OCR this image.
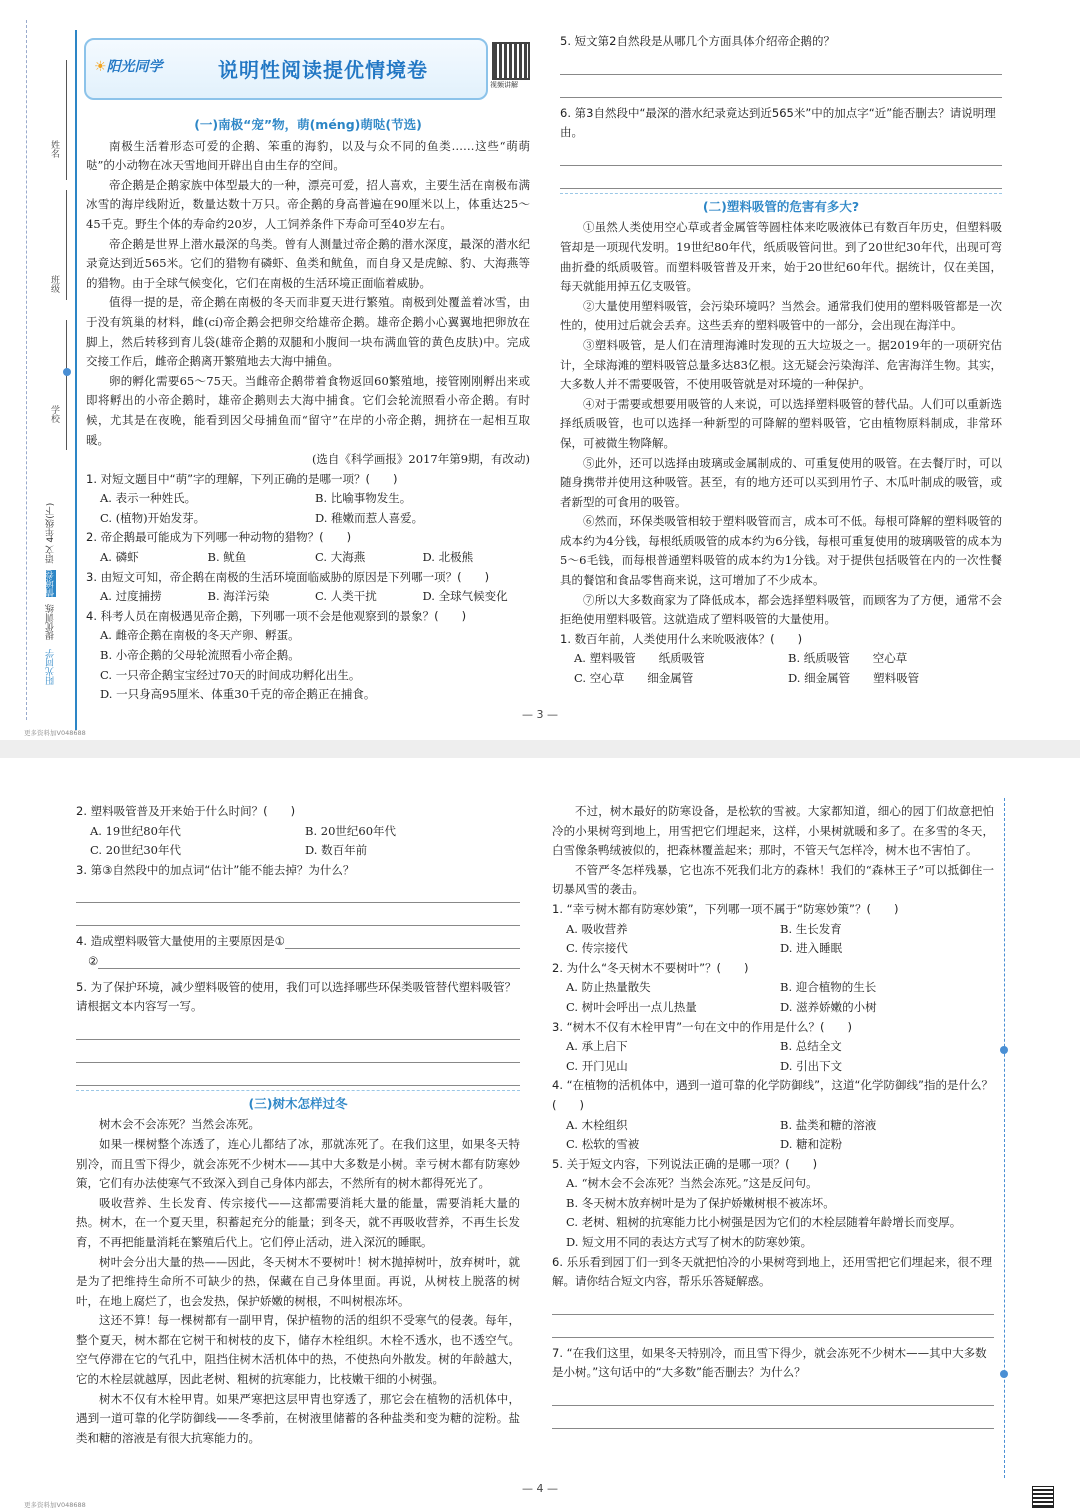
姓名
班级
学校
阳光同学 提优训练 情境卷 语文 4年级(下)
☀阳光同学	说明性阅读提优情境卷
视频讲解
(一)南极“宠”物，萌(méng)萌哒(节选)

南极生活着形态可爱的企鹅、笨重的海豹，以及与众不同的鱼类……这些“萌萌哒”的小动物在冰天雪地间开辟出自由生存的空间。

帝企鹅是企鹅家族中体型最大的一种，漂亮可爱，招人喜欢，主要生活在南极布满冰雪的海岸线附近，数量达数十万只。帝企鹅的身高普遍在90厘米以上，体重达25～45千克。野生个体的寿命约20岁，人工饲养条件下寿命可至40岁左右。

帝企鹅是世界上潜水最深的鸟类。曾有人测量过帝企鹅的潜水深度，最深的潜水纪录竟达到近565米。它们的猎物有磷虾、鱼类和鱿鱼，而自身又是虎鲸、豹、大海燕等的猎物。由于全球气候变化，它们在南极的生活环境正面临着威胁。

值得一提的是，帝企鹅在南极的冬天而非夏天进行繁殖。南极到处覆盖着冰雪，由于没有筑巢的材料，雌(cí)帝企鹅会把卵交给雄帝企鹅。雄帝企鹅小心翼翼地把卵放在脚上，然后转移到育儿袋(雄帝企鹅的双腿和小腹间一块布满血管的黄色皮肤)中。完成交接工作后，雌帝企鹅离开繁殖地去大海中捕鱼。

卵的孵化需要65～75天。当雌帝企鹅带着食物返回60繁殖地，接管刚刚孵出来或即将孵出的小帝企鹅时，雄帝企鹅则去大海中捕食。它们会轮流照看小帝企鹅。有时候，尤其是在夜晚，能看到因父母捕鱼而“留守”在岸的小帝企鹅，拥挤在一起相互取暖。

(选自《科学画报》2017年第9期，有改动)

1. 对短文题目中“萌”字的理解，下列正确的是哪一项？(　　)

A. 表示一种姓氏。	B. 比喻事物发生。
C. (植物)开始发芽。	D. 稚嫩而惹人喜爱。

2. 帝企鹅最可能成为下列哪一种动物的猎物？(　　)

A. 磷虾	B. 鱿鱼	C. 大海燕	D. 北极熊

3. 由短文可知，帝企鹅在南极的生活环境面临威胁的原因是下列哪一项？(　　)

A. 过度捕捞	B. 海洋污染	C. 人类干扰	D. 全球气候变化

4. 科考人员在南极遇见帝企鹅，下列哪一项不会是他观察到的景象？(　　)

A. 雌帝企鹅在南极的冬天产卵、孵蛋。
B. 小帝企鹅的父母轮流照看小帝企鹅。
C. 一只帝企鹅宝宝经过70天的时间成功孵化出生。
D. 一只身高95厘米、体重30千克的帝企鹅正在捕食。

5. 短文第2自然段是从哪几个方面具体介绍帝企鹅的？

6. 第3自然段中“最深的潜水纪录竟达到近565米”中的加点字“近”能否删去？请说明理由。

(二)塑料吸管的危害有多大?

①虽然人类使用空心草或者金属管等圆柱体来吃吸液体已有数百年历史，但塑料吸管却是一项现代发明。19世纪80年代，纸质吸管问世。到了20世纪30年代，出现可弯曲折叠的纸质吸管。而塑料吸管普及开来，始于20世纪60年代。据统计，仅在美国，每天就能用掉五亿支吸管。

②大量使用塑料吸管，会污染环境吗？当然会。通常我们使用的塑料吸管都是一次性的，使用过后就会丢弃。这些丢弃的塑料吸管中的一部分，会出现在海洋中。

③塑料吸管，是人们在清理海滩时发现的五大垃圾之一。据2019年的一项研究估计，全球海滩的塑料吸管总量多达83亿根。这无疑会污染海洋、危害海洋生物。其实，大多数人并不需要吸管，不使用吸管就是对环境的一种保护。

④对于需要或想要用吸管的人来说，可以选择塑料吸管的替代品。人们可以重新选择纸质吸管，也可以选择一种新型的可降解的塑料吸管，它由植物原料制成，非常环保，可被微生物降解。

⑤此外，还可以选择由玻璃或金属制成的、可重复使用的吸管。在去餐厅时，可以随身携带并使用这种吸管。甚至，有的地方还可以买到用竹子、木瓜叶制成的吸管，或者新型的可食用的吸管。

⑥然而，环保类吸管相较于塑料吸管而言，成本可不低。每根可降解的塑料吸管的成本约为4分钱，每根纸质吸管的成本约为6分钱，每根可重复使用的玻璃吸管的成本为5～6毛钱，而每根普通塑料吸管的成本约为1分钱。对于提供包括吸管在内的一次性餐具的餐馆和食品零售商来说，这可增加了不少成本。

⑦所以大多数商家为了降低成本，都会选择塑料吸管，而顾客为了方便，通常不会拒绝使用塑料吸管。这就造成了塑料吸管的大量使用。

1. 数百年前，人类使用什么来吮吸液体？(　　)

A. 塑料吸管　　纸质吸管	B. 纸质吸管　　空心草
C. 空心草　　细金属管	D. 细金属管　　塑料吸管
— 3 —
更多资料加V048688

2. 塑料吸管普及开来始于什么时间？(　　)

A. 19世纪80年代	B. 20世纪60年代
C. 20世纪30年代	D. 数百年前

3. 第③自然段中的加点词“估计”能不能去掉？为什么？

4. 造成塑料吸管大量使用的主要原因是①
②

5. 为了保护环境，减少塑料吸管的使用，我们可以选择哪些环保类吸管替代塑料吸管？请根据文本内容写一写。

(三)树木怎样过冬

树木会不会冻死？当然会冻死。

如果一棵树整个冻透了，连心儿都结了冰，那就冻死了。在我们这里，如果冬天特别冷，而且雪下得少，就会冻死不少树木——其中大多数是小树。幸亏树木都有防寒妙策，它们有办法使寒气不致深入到自己身体内部去，不然所有的树木都得死光了。

吸收营养、生长发育、传宗接代——这都需要消耗大量的能量，需要消耗大量的热。树木，在一个夏天里，积蓄起充分的能量；到冬天，就不再吸收营养，不再生长发育，不再把能量消耗在繁殖后代上。它们停止活动，进入深沉的睡眠。

树叶会分出大量的热——因此，冬天树木不要树叶！树木抛掉树叶，放弃树叶，就是为了把维持生命所不可缺少的热，保藏在自己身体里面。再说，从树枝上脱落的树叶，在地上腐烂了，也会发热，保护娇嫩的树根，不叫树根冻坏。

这还不算！每一棵树都有一副甲胄，保护植物的活的组织不受寒气的侵袭。每年，整个夏天，树木都在它树干和树枝的皮下，储存木栓组织。木栓不透水，也不透空气。空气停滞在它的气孔中，阻挡住树木活机体中的热，不使热向外散发。树的年龄越大，它的木栓层就越厚，因此老树、粗树的抗寒能力，比枝嫩干细的小树强。

树木不仅有木栓甲胄。如果严寒把这层甲胄也穿透了，那它会在植物的活机体中，遇到一道可靠的化学防御线——冬季前，在树液里储蓄的各种盐类和变为糖的淀粉。盐类和糖的溶液是有很大抗寒能力的。

不过，树木最好的防寒设备，是松软的雪被。大家都知道，细心的园丁们故意把怕冷的小果树弯到地上，用雪把它们埋起来，这样，小果树就暖和多了。在多雪的冬天，白雪像条鸭绒被似的，把森林覆盖起来；那时，不管天气怎样冷，树木也不害怕了。

不管严冬怎样残暴，它也冻不死我们北方的森林！我们的“森林王子”可以抵御住一切暴风雪的袭击。

1. “幸亏树木都有防寒妙策”，下列哪一项不属于“防寒妙策”？(　　)

A. 吸收营养	B. 生长发育
C. 传宗接代	D. 进入睡眠

2. 为什么“冬天树木不要树叶”？(　　)

A. 防止热量散失	B. 迎合植物的生长
C. 树叶会呼出一点儿热量	D. 滋养娇嫩的小树

3. “树木不仅有木栓甲胄”一句在文中的作用是什么？(　　)

A. 承上启下	B. 总结全文
C. 开门见山	D. 引出下文

4. “在植物的活机体中，遇到一道可靠的化学防御线”，这道“化学防御线”指的是什么？(　　)

A. 木栓组织	B. 盐类和糖的溶液
C. 松软的雪被	D. 糖和淀粉

5. 关于短文内容，下列说法正确的是哪一项？(　　)

A. “树木会不会冻死？当然会冻死。”这是反问句。
B. 冬天树木放弃树叶是为了保护娇嫩树根不被冻坏。
C. 老树、粗树的抗寒能力比小树强是因为它们的木栓层随着年龄增长而变厚。
D. 短文用不同的表达方式写了树木的防寒妙策。

6. 乐乐看到园丁们一到冬天就把怕冷的小果树弯到地上，还用雪把它们埋起来，很不理解。请你结合短文内容，帮乐乐答疑解惑。

7. “在我们这里，如果冬天特别冷，而且雪下得少，就会冻死不少树木——其中大多数是小树。”这句话中的“大多数”能否删去？为什么？

— 4 —
更多资料加V048688
